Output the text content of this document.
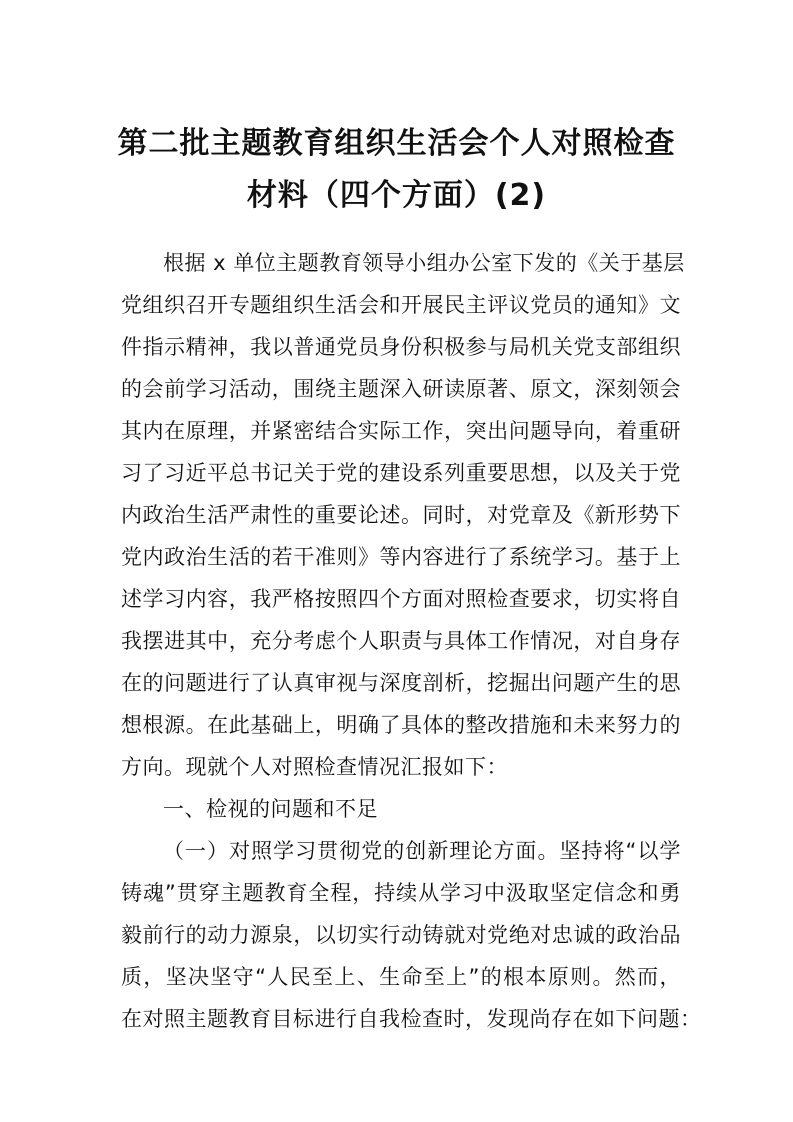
第二批主题教育组织生活会个人对照检查
材料（四个方面）(2)
根据 x 单位主题教育领导小组办公室下发的《关于基层
党组织召开专题组织生活会和开展民主评议党员的通知》文
件指示精神，我以普通党员身份积极参与局机关党支部组织
的会前学习活动，围绕主题深入研读原著、原文，深刻领会
其内在原理，并紧密结合实际工作，突出问题导向，着重研
习了习近平总书记关于党的建设系列重要思想，以及关于党
内政治生活严肃性的重要论述。同时，对党章及《新形势下
党内政治生活的若干准则》等内容进行了系统学习。基于上
述学习内容，我严格按照四个方面对照检查要求，切实将自
我摆进其中，充分考虑个人职责与具体工作情况，对自身存
在的问题进行了认真审视与深度剖析，挖掘出问题产生的思
想根源。在此基础上，明确了具体的整改措施和未来努力的
方向。现就个人对照检查情况汇报如下：
一、检视的问题和不足
（一）对照学习贯彻党的创新理论方面。坚持将“以学
铸魂”贯穿主题教育全程，持续从学习中汲取坚定信念和勇
毅前行的动力源泉，以切实行动铸就对党绝对忠诚的政治品
质，坚决坚守“人民至上、生命至上”的根本原则。然而，
在对照主题教育目标进行自我检查时，发现尚存在如下问题：
